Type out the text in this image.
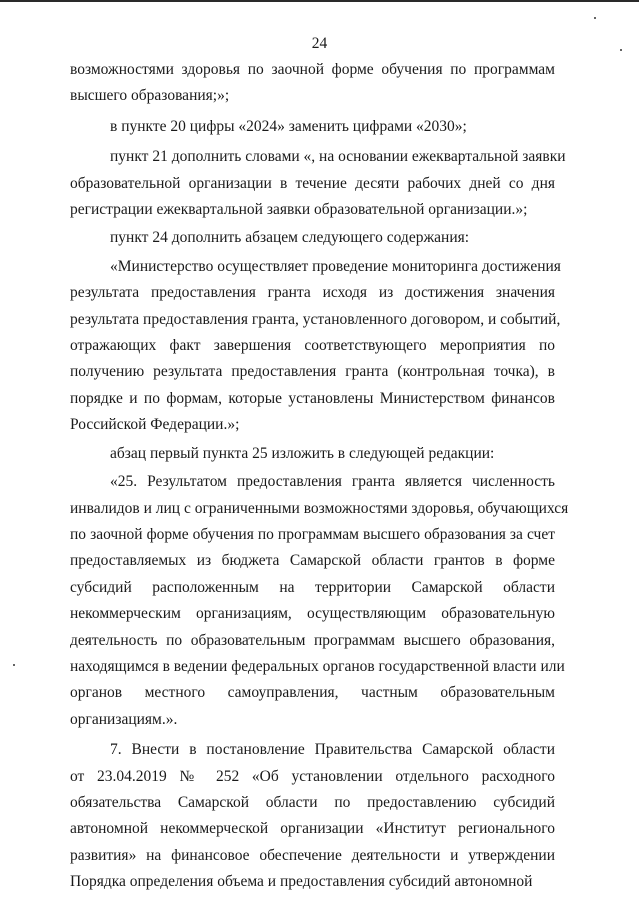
24
возможностями здоровья по заочной форме обучения по программам
высшего образования;»;
в пункте 20 цифры «2024» заменить цифрами «2030»;
пункт 21 дополнить словами «, на основании ежеквартальной заявки
образовательной организации в течение десяти рабочих дней со дня
регистрации ежеквартальной заявки образовательной организации.»;
пункт 24 дополнить абзацем следующего содержания:
«Министерство осуществляет проведение мониторинга достижения
результата предоставления гранта исходя из достижения значения
результата предоставления гранта, установленного договором, и событий,
отражающих факт завершения соответствующего мероприятия по
получению результата предоставления гранта (контрольная точка), в
порядке и по формам, которые установлены Министерством финансов
Российской Федерации.»;
абзац первый пункта 25 изложить в следующей редакции:
«25. Результатом предоставления гранта является численность
инвалидов и лиц с ограниченными возможностями здоровья, обучающихся
по заочной форме обучения по программам высшего образования за счет
предоставляемых из бюджета Самарской области грантов в форме
субсидий расположенным на территории Самарской области
некоммерческим организациям, осуществляющим образовательную
деятельность по образовательным программам высшего образования,
находящимся в ведении федеральных органов государственной власти или
органов местного самоуправления, частным образовательным
организациям.».
7. Внести в постановление Правительства Самарской области
от 23.04.2019 № 252 «Об установлении отдельного расходного
обязательства Самарской области по предоставлению субсидий
автономной некоммерческой организации «Институт регионального
развития» на финансовое обеспечение деятельности и утверждении
Порядка определения объема и предоставления субсидий автономной
